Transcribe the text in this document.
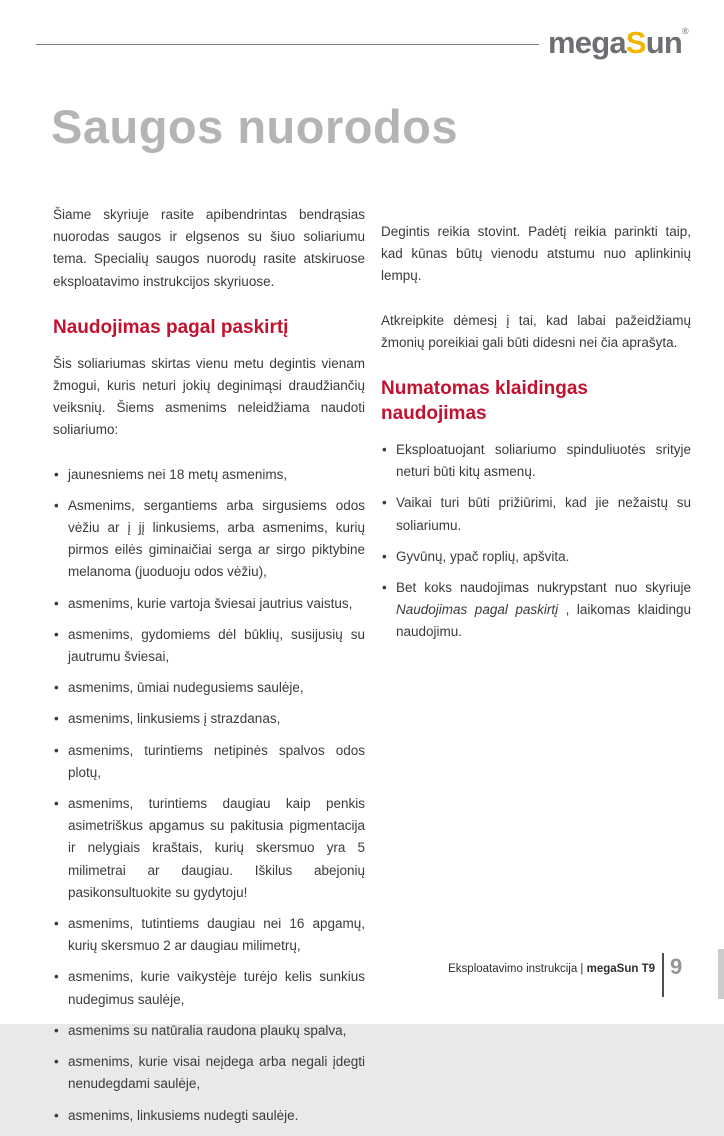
megaSun®
Saugos nuorodos

Šiame skyriuje rasite apibendrintas bendrąsias nuorodas saugos ir elgsenos su šiuo soliariumu tema. Specialių saugos nuorodų rasite atskiruose eksploatavimo instrukcijos skyriuose.

Naudojimas pagal paskirtį

Šis soliariumas skirtas vienu metu degintis vienam žmogui, kuris neturi jokių deginimąsi draudžiančių veiksnių. Šiems asmenims neleidžiama naudoti soliariumo:

• jaunesniems nei 18 metų asmenims,
• Asmenims, sergantiems arba sirgusiems odos vėžiu ar į jį linkusiems, arba asmenims, kurių pirmos eilės giminaičiai serga ar sirgo piktybine melanoma (juoduoju odos vėžiu),
• asmenims, kurie vartoja šviesai jautrius vaistus,
• asmenims, gydomiems dėl būklių, susijusių su jautrumu šviesai,
• asmenims, ūmiai nudegusiems saulėje,
• asmenims, linkusiems į strazdanas,
• asmenims, turintiems netipinės spalvos odos plotų,
• asmenims, turintiems daugiau kaip penkis asimetriškus apgamus su pakitusia pigmentacija ir nelygiais kraštais, kurių skersmuo yra 5 milimetrai ar daugiau. Iškilus abejonių pasikonsultuokite su gydytoju!
• asmenims, tutintiems daugiau nei 16 apgamų, kurių skersmuo 2 ar daugiau milimetrų,
• asmenims, kurie vaikystėje turėjo kelis sunkius nudegimus saulėje,
• asmenims su natūralia raudona plaukų spalva,
• asmenims, kurie visai neįdega arba negali įdegti nenudegdami saulėje,
• asmenims, linkusiems nudegti saulėje.

Degintis reikia stovint. Padėtį reikia parinkti taip, kad kūnas būtų vienodu atstumu nuo aplinkinių lempų.

Atkreipkite dėmesį į tai, kad labai pažeidžiamų žmonių poreikiai gali būti didesni nei čia aprašyta.

Numatomas klaidingas naudojimas
• Eksploatuojant soliariumo spinduliuotės srityje neturi būti kitų asmenų.
• Vaikai turi būti prižiūrimi, kad jie nežaistų su soliariumu.
• Gyvūnų, ypač roplių, apšvita.
• Bet koks naudojimas nukrypstant nuo skyriuje Naudojimas pagal paskirtį , laikomas klaidingu naudojimu.
Eksploatavimo instrukcija | megaSun T9 9
